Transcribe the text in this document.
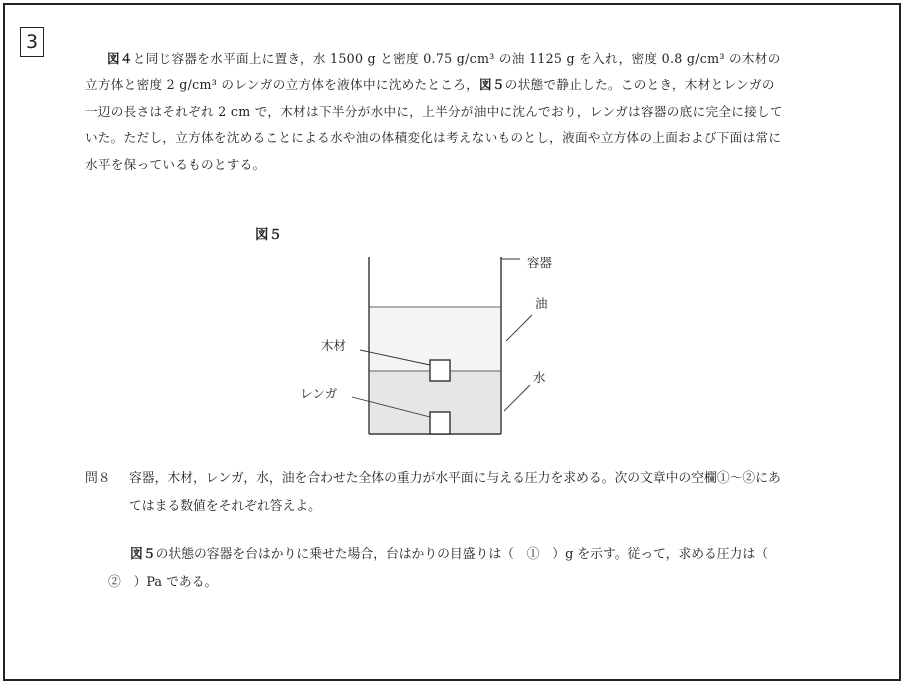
3

図４と同じ容器を水平面上に置き，水 1500 g と密度 0.75 g/cm³ の油 1125 g を入れ，密度 0.8 g/cm³ の木材の立方体と密度 2 g/cm³ のレンガの立方体を液体中に沈めたところ，図５の状態で静止した。このとき，木材とレンガの一辺の長さはそれぞれ 2 cm で，木材は下半分が水中に，上半分が油中に沈んでおり，レンガは容器の底に完全に接していた。ただし，立方体を沈めることによる水や油の体積変化は考えないものとし，液面や立方体の上面および下面は常に水平を保っているものとする。

図５
容器
油
水
木材
レンガ
問８ 容器，木材，レンガ，水，油を合わせた全体の重力が水平面に与える圧力を求める。次の文章中の空欄①～②にあてはまる数値をそれぞれ答えよ。

図５の状態の容器を台はかりに乗せた場合，台はかりの目盛りは（　①　）g を示す。従って，求める圧力は（　②　）Pa である。
